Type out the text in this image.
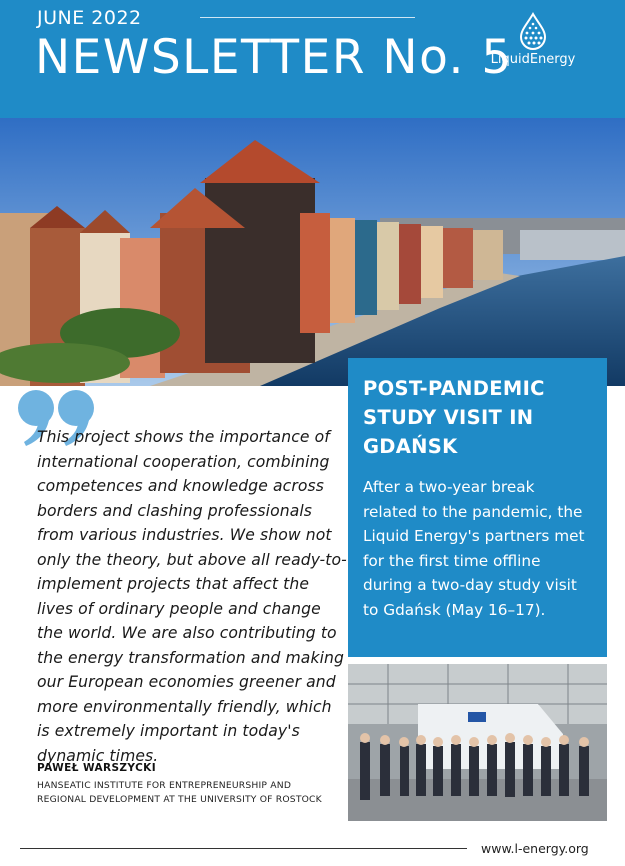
JUNE 2022
NEWSLETTER No. 5
LiquidEnergy

This project shows the importance of international cooperation, combining competences and knowledge across borders and clashing professionals from various industries. We show not only the theory, but above all ready-to-implement projects that affect the lives of ordinary people and change the world. We are also contributing to the energy transformation and making our European economies greener and more environmentally friendly, which is extremely important in today's dynamic times.

PAWEŁ WARSZYCKI
HANSEATIC INSTITUTE FOR ENTREPRENEURSHIP AND REGIONAL DEVELOPMENT AT THE UNIVERSITY OF ROSTOCK
POST-PANDEMIC STUDY VISIT IN GDAŃSK

After a two-year break related to the pandemic, the Liquid Energy's partners met for the first time offline during a two-day study visit to Gdańsk (May 16–17).

www.l-energy.org
